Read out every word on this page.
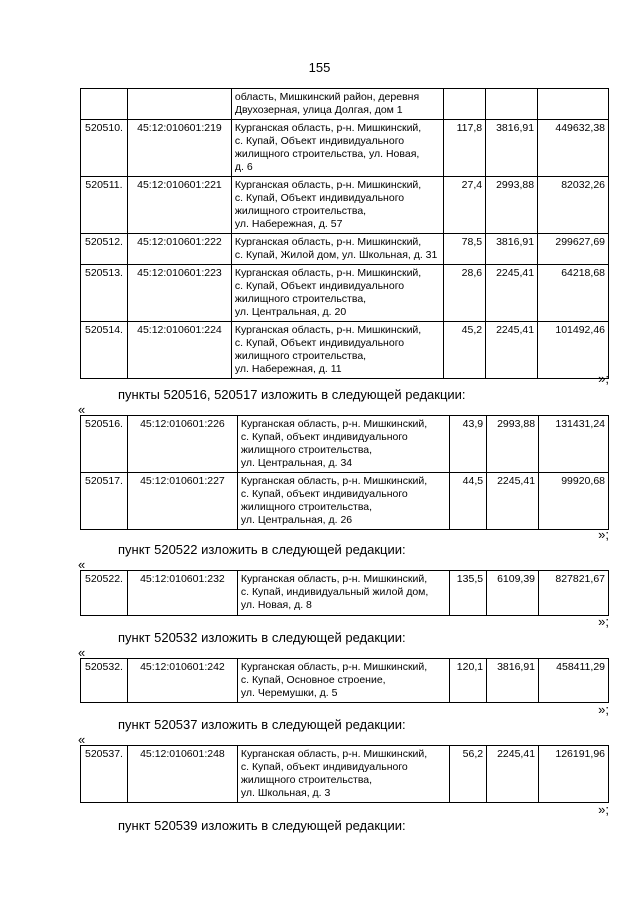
155
		область, Мишкинский район, деревня
Двухозерная, улица Долгая, дом 1			
520510.	45:12:010601:219	Курганская область, р-н. Мишкинский,
с. Купай, Объект индивидуального
жилищного строительства, ул. Новая,
д. 6	117,8	3816,91	449632,38
520511.	45:12:010601:221	Курганская область, р-н. Мишкинский,
с. Купай, Объект индивидуального
жилищного строительства,
ул. Набережная, д. 57	27,4	2993,88	82032,26
520512.	45:12:010601:222	Курганская область, р-н. Мишкинский,
с. Купай, Жилой дом, ул. Школьная, д. 31	78,5	3816,91	299627,69
520513.	45:12:010601:223	Курганская область, р-н. Мишкинский,
с. Купай, Объект индивидуального
жилищного строительства,
ул. Центральная, д. 20	28,6	2245,41	64218,68
520514.	45:12:010601:224	Курганская область, р-н. Мишкинский,
с. Купай, Объект индивидуального
жилищного строительства,
ул. Набережная, д. 11	45,2	2245,41	101492,46
»;
пункты 520516, 520517 изложить в следующей редакции:
«
520516.	45:12:010601:226	Курганская область, р-н. Мишкинский,
с. Купай, объект индивидуального
жилищного строительства,
ул. Центральная, д. 34	43,9	2993,88	131431,24
520517.	45:12:010601:227	Курганская область, р-н. Мишкинский,
с. Купай, объект индивидуального
жилищного строительства,
ул. Центральная, д. 26	44,5	2245,41	99920,68
»;
пункт 520522 изложить в следующей редакции:
«
520522.	45:12:010601:232	Курганская область, р-н. Мишкинский,
с. Купай, индивидуальный жилой дом,
ул. Новая, д. 8	135,5	6109,39	827821,67
»;
пункт 520532 изложить в следующей редакции:
«
520532.	45:12:010601:242	Курганская область, р-н. Мишкинский,
с. Купай, Основное строение,
ул. Черемушки, д. 5	120,1	3816,91	458411,29
»;
пункт 520537 изложить в следующей редакции:
«
520537.	45:12:010601:248	Курганская область, р-н. Мишкинский,
с. Купай, объект индивидуального
жилищного строительства,
ул. Школьная, д. 3	56,2	2245,41	126191,96
»;
пункт 520539 изложить в следующей редакции:
